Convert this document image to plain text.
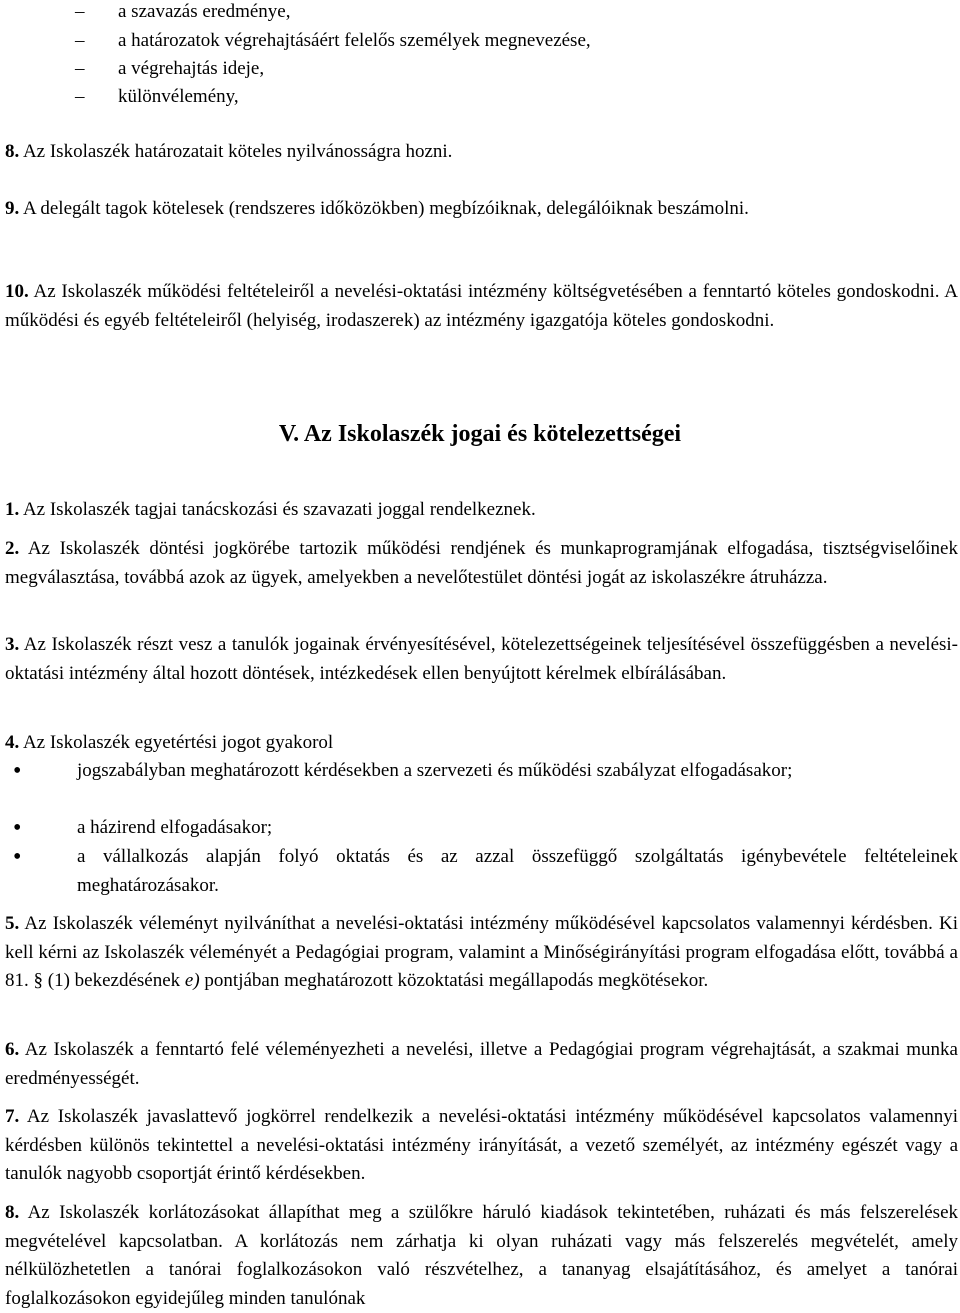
– a szavazás eredménye,

– a határozatok végrehajtásáért felelős személyek megnevezése,

– a végrehajtás ideje,

– különvélemény,

8. Az Iskolaszék határozatait köteles nyilvánosságra hozni.

9. A delegált tagok kötelesek (rendszeres időközökben) megbízóiknak, delegálóiknak beszámolni.

10. Az Iskolaszék működési feltételeiről a nevelési-oktatási intézmény költségvetésében a fenntartó köteles gondoskodni. A működési és egyéb feltételeiről (helyiség, irodaszerek) az intézmény igazgatója köteles gondoskodni.

V. Az Iskolaszék jogai és kötelezettségei

1. Az Iskolaszék tagjai tanácskozási és szavazati joggal rendelkeznek.

2. Az Iskolaszék döntési jogkörébe tartozik működési rendjének és munkaprogramjának elfogadása, tisztségviselőinek megválasztása, továbbá azok az ügyek, amelyekben a nevelőtestület döntési jogát az iskolaszékre átruházza.

3. Az Iskolaszék részt vesz a tanulók jogainak érvényesítésével, kötelezettségeinek teljesítésével összefüggésben a nevelési-oktatási intézmény által hozott döntések, intézkedések ellen benyújtott kérelmek elbírálásában.

4. Az Iskolaszék egyetértési jogot gyakorol

• jogszabályban meghatározott kérdésekben a szervezeti és működési szabályzat elfogadásakor;

• a házirend elfogadásakor;

• a vállalkozás alapján folyó oktatás és az azzal összefüggő szolgáltatás igénybevétele feltételeinek meghatározásakor.

5. Az Iskolaszék véleményt nyilváníthat a nevelési-oktatási intézmény működésével kapcsolatos valamennyi kérdésben. Ki kell kérni az Iskolaszék véleményét a Pedagógiai program, valamint a Minőségirányítási program elfogadása előtt, továbbá a 81. § (1) bekezdésének e) pontjában meghatározott közoktatási megállapodás megkötésekor.

6. Az Iskolaszék a fenntartó felé véleményezheti a nevelési, illetve a Pedagógiai program végrehajtását, a szakmai munka eredményességét.

7. Az Iskolaszék javaslattevő jogkörrel rendelkezik a nevelési-oktatási intézmény működésével kapcsolatos valamennyi kérdésben különös tekintettel a nevelési-oktatási intézmény irányítását, a vezető személyét, az intézmény egészét vagy a tanulók nagyobb csoportját érintő kérdésekben.

8. Az Iskolaszék korlátozásokat állapíthat meg a szülőkre háruló kiadások tekintetében, ruházati és más felszerelések megvételével kapcsolatban. A korlátozás nem zárhatja ki olyan ruházati vagy más felszerelés megvételét, amely nélkülözhetetlen a tanórai foglalkozásokon való részvételhez, a tananyag elsajátításához, és amelyet a tanórai foglalkozásokon egyidejűleg minden tanulónak
